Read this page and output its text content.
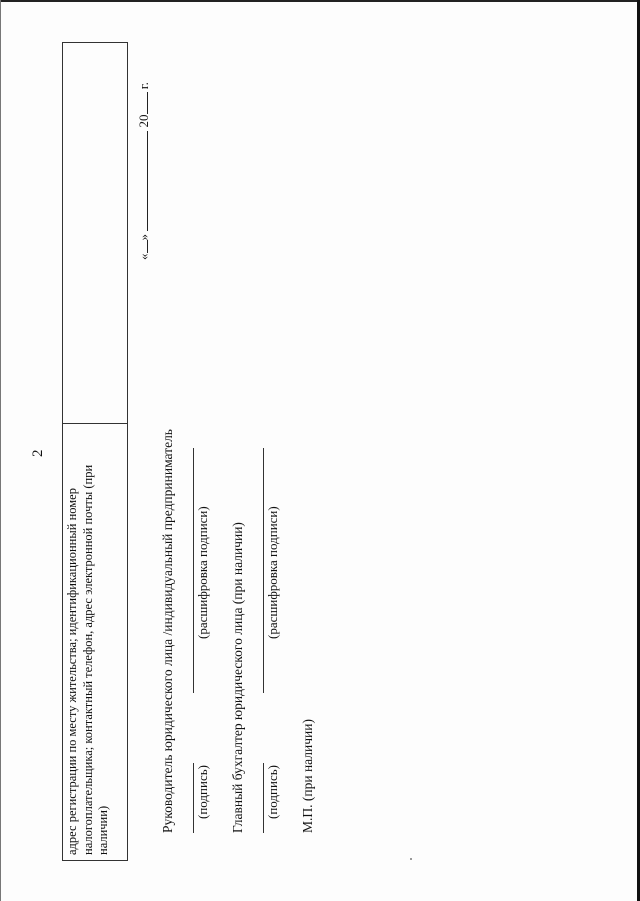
2
адрес регистрации по месту жительства; идентификационный номер налогоплательщика; контактный телефон, адрес электронной почты (при наличии)
«»  20 г.
Руководитель юридического лица /индивидуальный предприниматель (подпись)
(расшифровка подписи) Главный бухгалтер юридического лица (при наличии) (подпись)
(расшифровка подписи)
М.П. (при наличии)
